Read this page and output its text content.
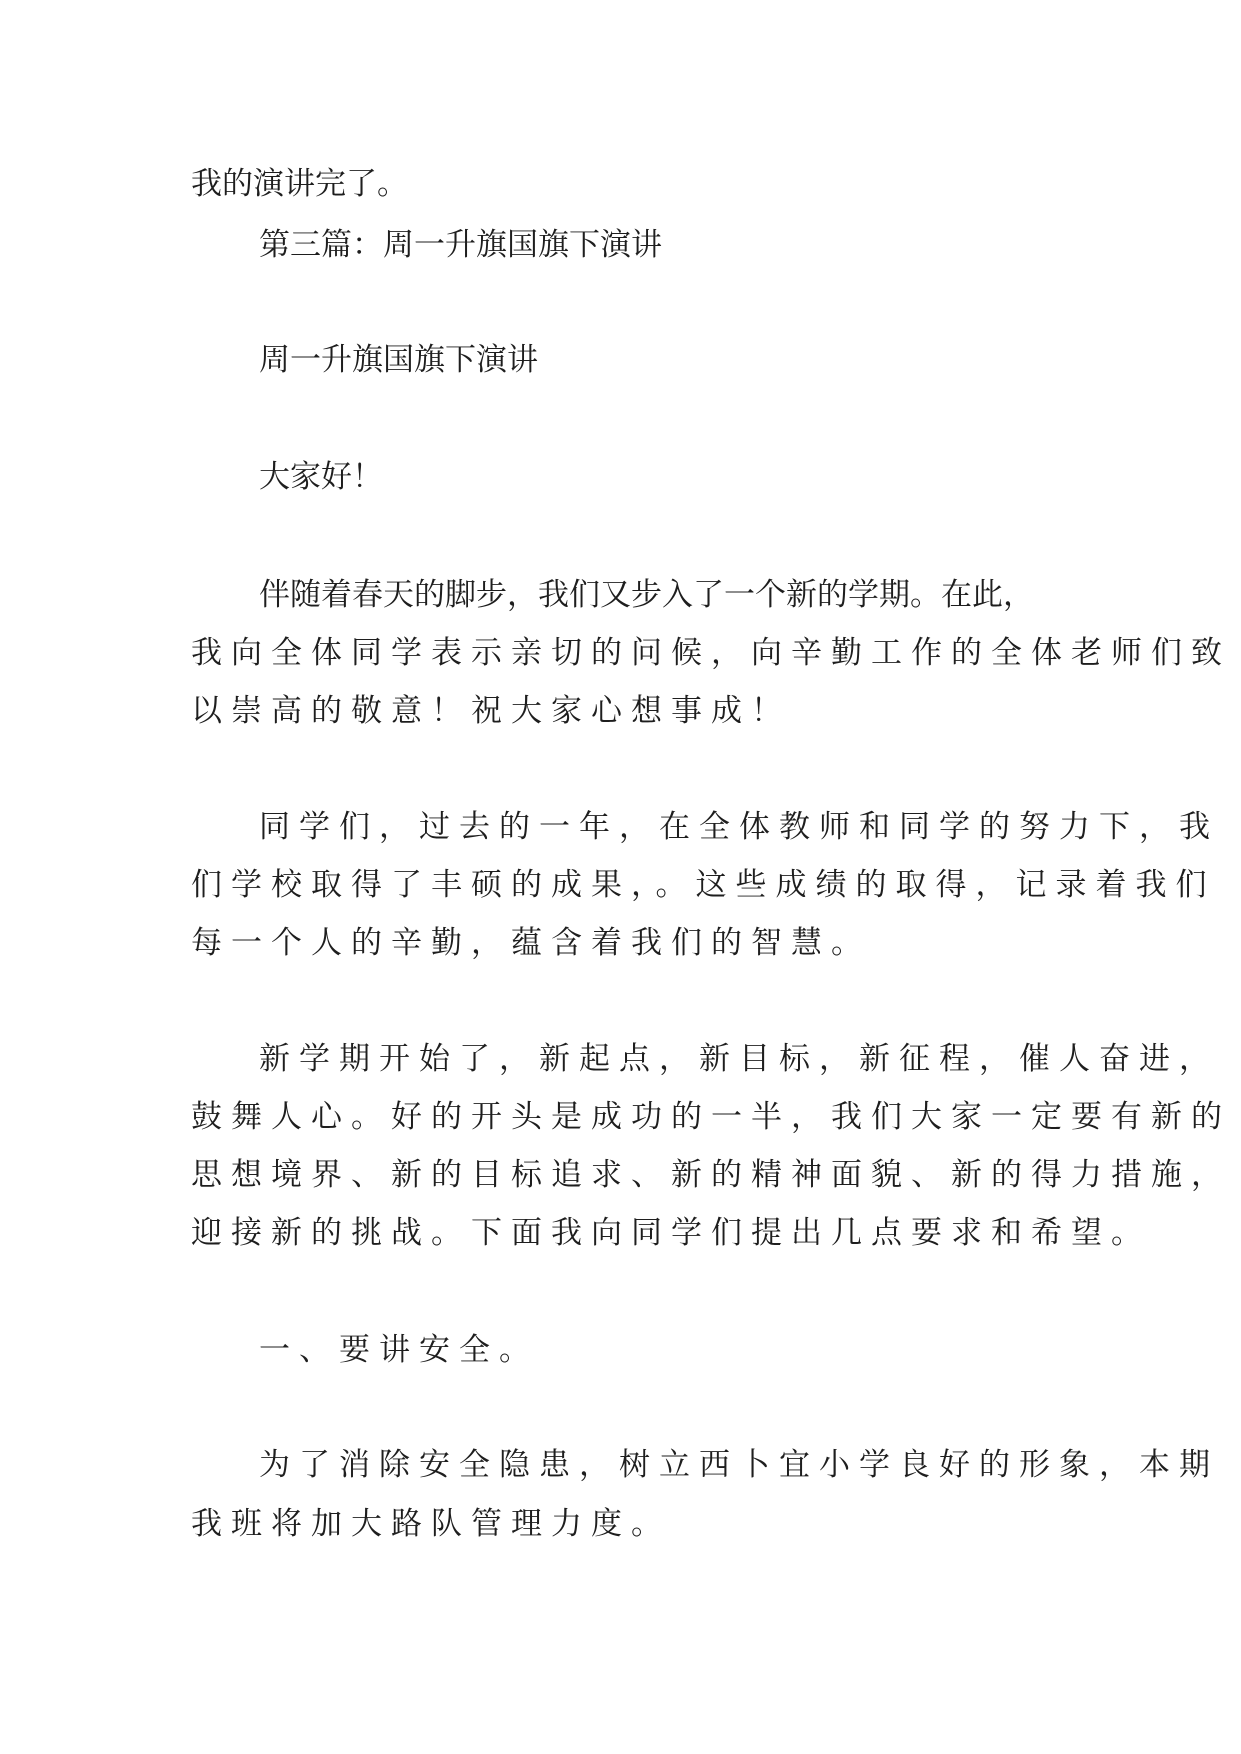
我的演讲完了。
第三篇：周一升旗国旗下演讲
周一升旗国旗下演讲
大家好！
伴随着春天的脚步，我们又步入了一个新的学期。在此，
我向全体同学表示亲切的问候，向辛勤工作的全体老师们致
以崇高的敬意！祝大家心想事成！
同学们，过去的一年，在全体教师和同学的努力下，我
们学校取得了丰硕的成果，。这些成绩的取得，记录着我们
每一个人的辛勤，蕴含着我们的智慧。
新学期开始了，新起点，新目标，新征程，催人奋进，
鼓舞人心。好的开头是成功的一半，我们大家一定要有新的
思想境界、新的目标追求、新的精神面貌、新的得力措施，
迎接新的挑战。下面我向同学们提出几点要求和希望。
一、要讲安全。
为了消除安全隐患，树立西卜宜小学良好的形象，本期
我班将加大路队管理力度。
